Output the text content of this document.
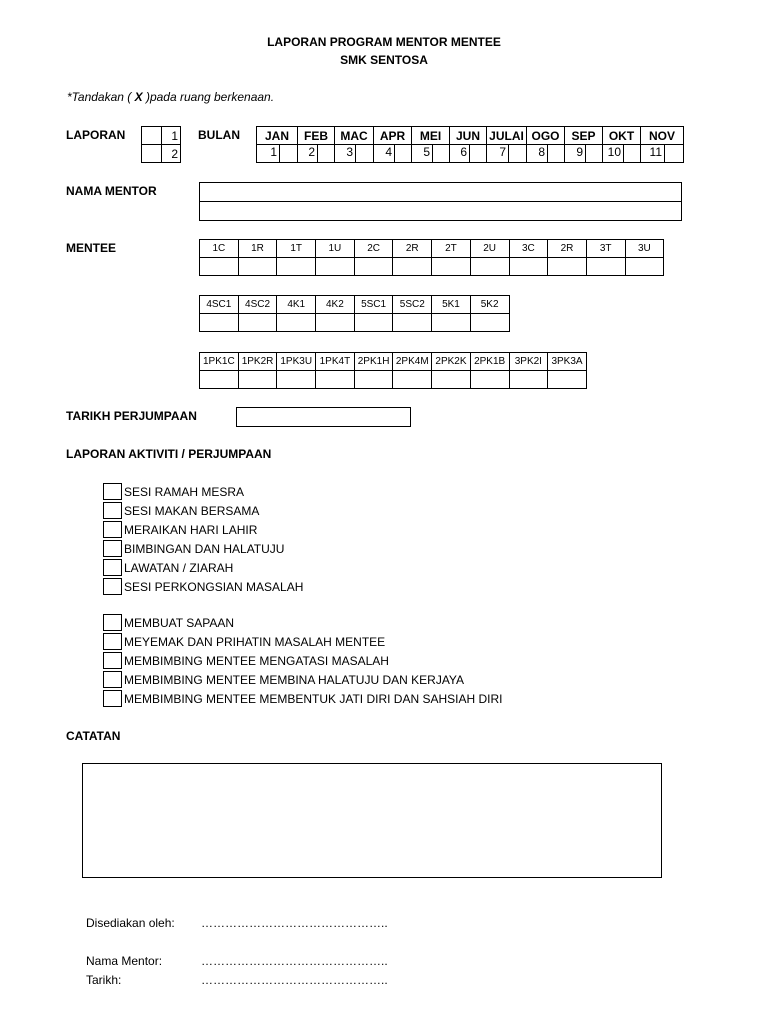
LAPORAN PROGRAM MENTOR MENTEE
SMK SENTOSA
*Tandakan ( X )pada ruang berkenaan.
LAPORAN
		1
	2
BULAN JAN	FEB	MAC	APR	MEI	JUN	JULAI	OGO	SEP	OKT	NOV

1	2	3	4	5	6	7	8	9	10	11
NAMA MENTOR
MENTEE	1C	1R	1T	1U	2C	2R	2T	2U	3C	2R	3T	3U

4SC1	4SC2	4K1	4K2	5SC1	5SC2	5K1	5K2

1PK1C	1PK2R	1PK3U	1PK4T	2PK1H	2PK4M	2PK2K	2PK1B	3PK2I	3PK3A

TARIKH PERJUMPAAN
LAPORAN AKTIVITI / PERJUMPAAN
SESI RAMAH MESRA
SESI MAKAN BERSAMA
MERAIKAN HARI LAHIR
BIMBINGAN DAN HALATUJU
LAWATAN / ZIARAH
SESI PERKONGSIAN MASALAH
MEMBUAT SAPAAN
MEYEMAK DAN PRIHATIN MASALAH MENTEE
MEMBIMBING MENTEE MENGATASI MASALAH
MEMBIMBING MENTEE MEMBINA HALATUJU DAN KERJAYA
MEMBIMBING MENTEE MEMBENTUK JATI DIRI DAN SAHSIAH DIRI
CATATAN
Disediakan oleh: ………………………………………..
Nama Mentor:	………………………………………..
Tarikh:	………………………………………..
